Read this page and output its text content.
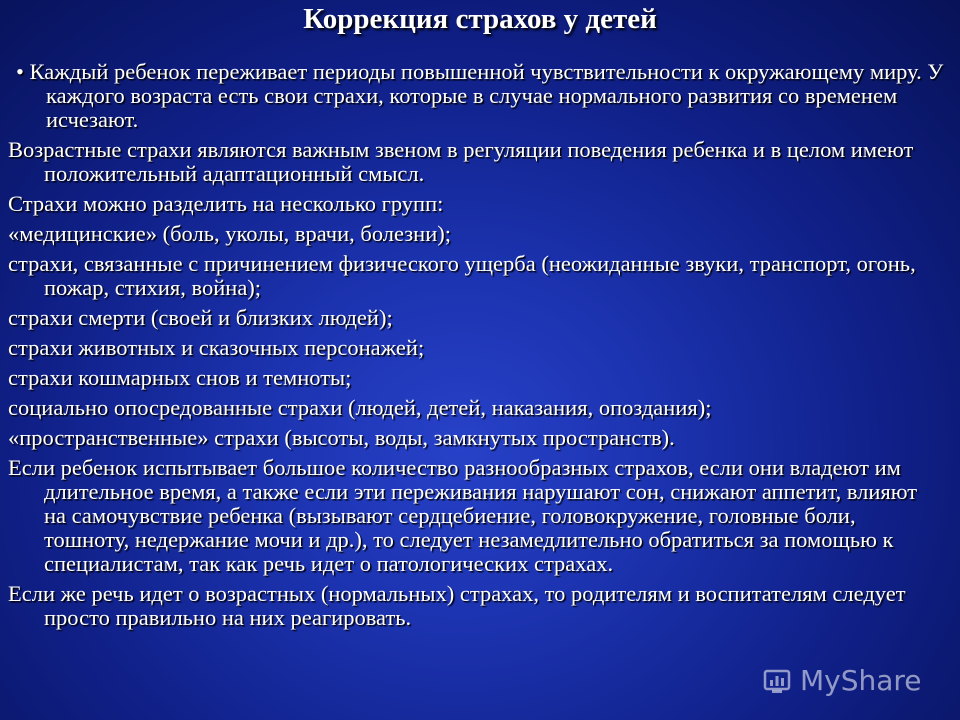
Коррекция страхов у детей

• Каждый ребенок переживает периоды повышенной чувствительности к окружающему миру. У каждого возраста есть свои страхи, которые в случае нормального развития со временем исчезают.

Возрастные страхи являются важным звеном в регуляции поведения ребенка и в целом имеют положительный адаптационный смысл.

Страхи можно разделить на несколько групп:

«медицинские» (боль, уколы, врачи, болезни);

страхи, связанные с причинением физического ущерба (неожиданные звуки, транспорт, огонь, пожар, стихия, война);

страхи смерти (своей и близких людей);

страхи животных и сказочных персонажей;

страхи кошмарных снов и темноты;

социально опосредованные страхи (людей, детей, наказания, опоздания);

«пространственные» страхи (высоты, воды, замкнутых пространств).

Если ребенок испытывает большое количество разнообразных страхов, если они владеют им длительное время, а также если эти переживания нарушают сон, снижают аппетит, влияют на самочувствие ребенка (вызывают сердцебиение, головокружение, головные боли, тошноту, недержание мочи и др.), то следует незамедлительно обратиться за помощью к специалистам, так как речь идет о патологических страхах.

Если же речь идет о возрастных (нормальных) страхах, то родителям и воспитателям следует просто правильно на них реагировать.

MyShare
